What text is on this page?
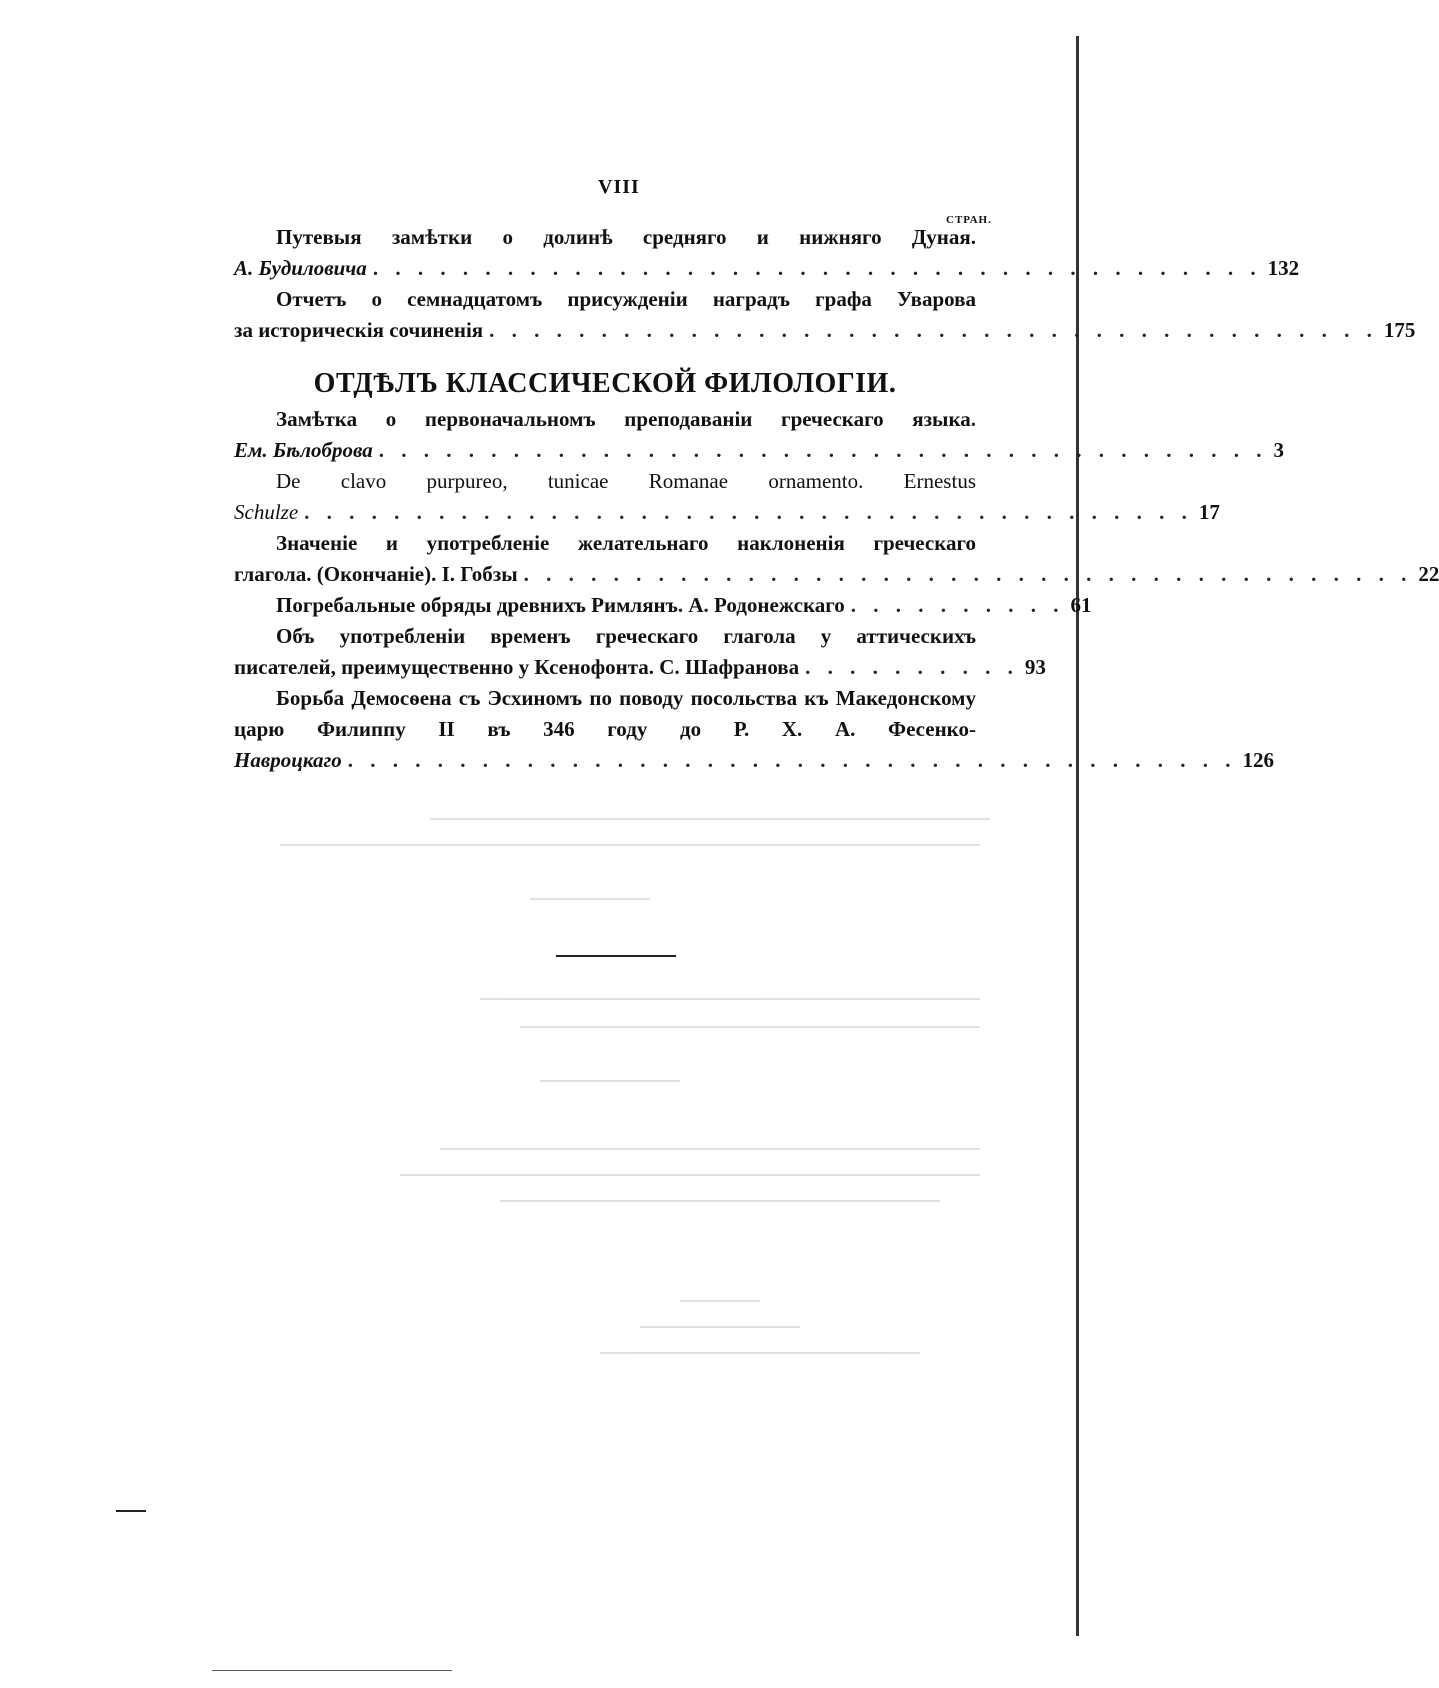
VIII
СТРАН.
Путевыя замѣтки о долинѣ средняго и нижняго Дуная.
А. Будиловича . . . . . . . . . . . . . . . . . . . . . . . . . . . . . . . . . . . . . . . . 132
Отчетъ о семнадцатомъ присужденіи наградъ графа Уварова
за историческія сочиненія . . . . . . . . . . . . . . . . . . . . . . . . . . . . . . . . . . . . . . . . 175
ОТДѢЛЪ КЛАССИЧЕСКОЙ ФИЛОЛОГІИ.
Замѣтка о первоначальномъ преподаваніи греческаго языка.
Ем. Бѣлоброва . . . . . . . . . . . . . . . . . . . . . . . . . . . . . . . . . . . . . . . . 3
De clavo purpureo, tunicae Romanae ornamento. Ernestus
Schulze . . . . . . . . . . . . . . . . . . . . . . . . . . . . . . . . . . . . . . . . 17
Значеніе и употребленіе желательнаго наклоненія греческаго
глагола. (Окончаніе). І. Гобзы . . . . . . . . . . . . . . . . . . . . . . . . . . . . . . . . . . . . . . . . 22
Погребальные обряды древнихъ Римлянъ. А. Родонежскаго . . . . . . . . . . 61
Объ употребленіи временъ греческаго глагола у аттическихъ
писателей, преимущественно у Ксенофонта. С. Шафранова . . . . . . . . . . 93
Борьба Демосѳена съ Эсхиномъ по поводу посольства къ Македонскому царю Филиппу II въ 346 году до Р. Х. А. Фесенко-
Навроцкаго . . . . . . . . . . . . . . . . . . . . . . . . . . . . . . . . . . . . . . . . 126
